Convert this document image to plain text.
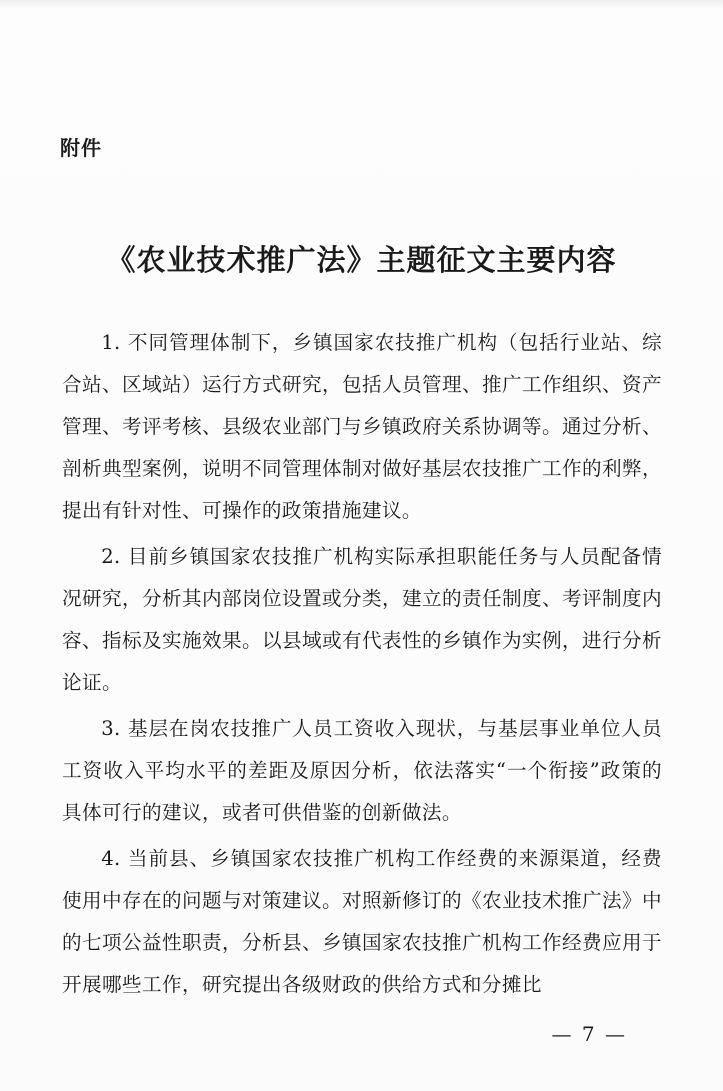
附件
《农业技术推广法》主题征文主要内容

1. 不同管理体制下，乡镇国家农技推广机构（包括行业站、综合站、区域站）运行方式研究，包括人员管理、推广工作组织、资产管理、考评考核、县级农业部门与乡镇政府关系协调等。通过分析、剖析典型案例，说明不同管理体制对做好基层农技推广工作的利弊，提出有针对性、可操作的政策措施建议。

2. 目前乡镇国家农技推广机构实际承担职能任务与人员配备情况研究，分析其内部岗位设置或分类，建立的责任制度、考评制度内容、指标及实施效果。以县域或有代表性的乡镇作为实例，进行分析论证。

3. 基层在岗农技推广人员工资收入现状，与基层事业单位人员工资收入平均水平的差距及原因分析，依法落实“一个衔接”政策的具体可行的建议，或者可供借鉴的创新做法。

4. 当前县、乡镇国家农技推广机构工作经费的来源渠道，经费使用中存在的问题与对策建议。对照新修订的《农业技术推广法》中的七项公益性职责，分析县、乡镇国家农技推广机构工作经费应用于开展哪些工作，研究提出各级财政的供给方式和分摊比

— 7 —
